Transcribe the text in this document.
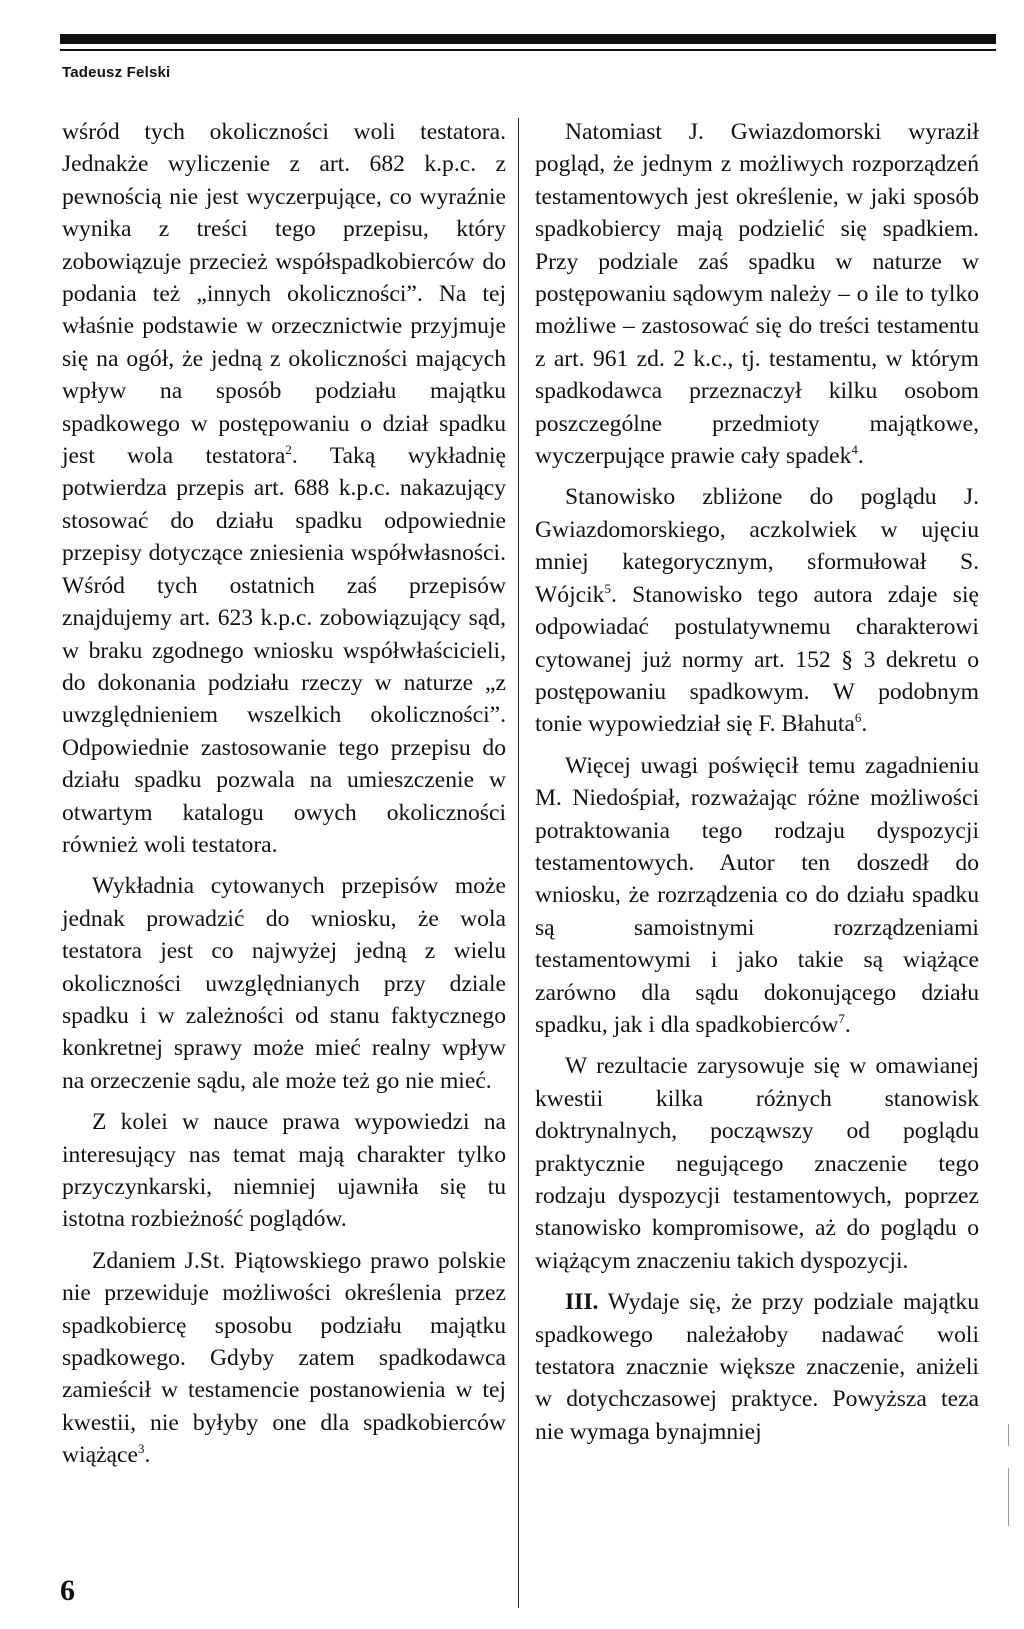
Tadeusz Felski

wśród tych okoliczności woli testatora. Jednakże wyliczenie z art. 682 k.p.c. z pewnością nie jest wyczerpujące, co wyraźnie wynika z treści tego przepisu, który zobowiązuje przecież współspadkobierców do podania też „innych okoliczności”. Na tej właśnie podstawie w orzecznictwie przyjmuje się na ogół, że jedną z okoliczności mających wpływ na sposób podziału majątku spadkowego w postępowaniu o dział spadku jest wola testatora$^2$. Taką wykładnię potwierdza przepis art. 688 k.p.c. nakazujący stosować do działu spadku odpowiednie przepisy dotyczące zniesienia współwłasności. Wśród tych ostatnich zaś przepisów znajdujemy art. 623 k.p.c. zobowiązujący sąd, w braku zgodnego wniosku współwłaścicieli, do dokonania podziału rzeczy w naturze „z uwzględnieniem wszelkich okoliczności”. Odpowiednie zastosowanie tego przepisu do działu spadku pozwala na umieszczenie w otwartym katalogu owych okoliczności również woli testatora.

Wykładnia cytowanych przepisów może jednak prowadzić do wniosku, że wola testatora jest co najwyżej jedną z wielu okoliczności uwzględnianych przy dziale spadku i w zależności od stanu faktycznego konkretnej sprawy może mieć realny wpływ na orzeczenie sądu, ale może też go nie mieć.

Z kolei w nauce prawa wypowiedzi na interesujący nas temat mają charakter tylko przyczynkarski, niemniej ujawniła się tu istotna rozbieżność poglądów.

Zdaniem J.St. Piątowskiego prawo polskie nie przewiduje możliwości określenia przez spadkobiercę sposobu podziału majątku spadkowego. Gdyby zatem spadkodawca zamieścił w testamencie postanowienia w tej kwestii, nie byłyby one dla spadkobierców wiążące$^3$.

Natomiast J. Gwiazdomorski wyraził pogląd, że jednym z możliwych rozporządzeń testamentowych jest określenie, w jaki sposób spadkobiercy mają podzielić się spadkiem. Przy podziale zaś spadku w naturze w postępowaniu sądowym należy – o ile to tylko możliwe – zastosować się do treści testamentu z art. 961 zd. 2 k.c., tj. testamentu, w którym spadkodawca przeznaczył kilku osobom poszczególne przedmioty majątkowe, wyczerpujące prawie cały spadek$^4$.

Stanowisko zbliżone do poglądu J. Gwiazdomorskiego, aczkolwiek w ujęciu mniej kategorycznym, sformułował S. Wójcik$^5$. Stanowisko tego autora zdaje się odpowiadać postulatywnemu charakterowi cytowanej już normy art. 152 § 3 dekretu o postępowaniu spadkowym. W podobnym tonie wypowiedział się F. Błahuta$^6$.

Więcej uwagi poświęcił temu zagadnieniu M. Niedośpiał, rozważając różne możliwości potraktowania tego rodzaju dyspozycji testamentowych. Autor ten doszedł do wniosku, że rozrządzenia co do działu spadku są samoistnymi rozrządzeniami testamentowymi i jako takie są wiążące zarówno dla sądu dokonującego działu spadku, jak i dla spadkobierców$^7$.

W rezultacie zarysowuje się w omawianej kwestii kilka różnych stanowisk doktrynalnych, począwszy od poglądu praktycznie negującego znaczenie tego rodzaju dyspozycji testamentowych, poprzez stanowisko kompromisowe, aż do poglądu o wiążącym znaczeniu takich dyspozycji.

III. Wydaje się, że przy podziale majątku spadkowego należałoby nadawać woli testatora znacznie większe znaczenie, aniżeli w dotychczasowej praktyce. Powyższa teza nie wymaga bynajmniej

6
